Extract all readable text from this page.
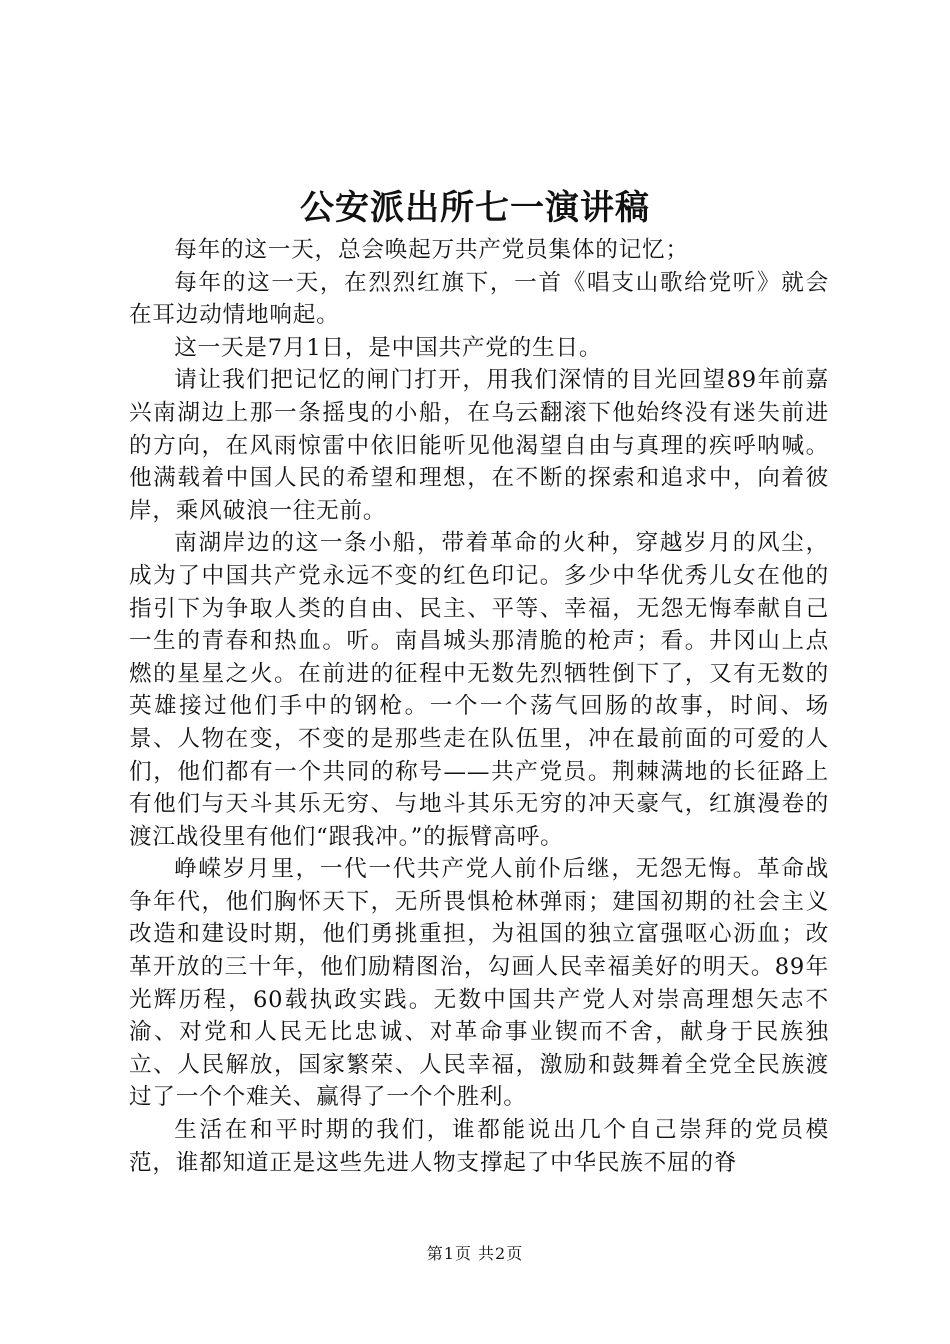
公安派出所七一演讲稿

每年的这一天，总会唤起万共产党员集体的记忆；

每年的这一天，在烈烈红旗下，一首《唱支山歌给党听》就会在耳边动情地响起。

这一天是7月1日，是中国共产党的生日。

请让我们把记忆的闸门打开，用我们深情的目光回望89年前嘉兴南湖边上那一条摇曳的小船，在乌云翻滚下他始终没有迷失前进的方向，在风雨惊雷中依旧能听见他渴望自由与真理的疾呼呐喊。他满载着中国人民的希望和理想，在不断的探索和追求中，向着彼岸，乘风破浪一往无前。

南湖岸边的这一条小船，带着革命的火种，穿越岁月的风尘，成为了中国共产党永远不变的红色印记。多少中华优秀儿女在他的指引下为争取人类的自由、民主、平等、幸福，无怨无悔奉献自己一生的青春和热血。听。南昌城头那清脆的枪声；看。井冈山上点燃的星星之火。在前进的征程中无数先烈牺牲倒下了，又有无数的英雄接过他们手中的钢枪。一个一个荡气回肠的故事，时间、场景、人物在变，不变的是那些走在队伍里，冲在最前面的可爱的人们，他们都有一个共同的称号——共产党员。荆棘满地的长征路上有他们与天斗其乐无穷、与地斗其乐无穷的冲天豪气，红旗漫卷的渡江战役里有他们“跟我冲。”的振臂高呼。

峥嵘岁月里，一代一代共产党人前仆后继，无怨无悔。革命战争年代，他们胸怀天下，无所畏惧枪林弹雨；建国初期的社会主义改造和建设时期，他们勇挑重担，为祖国的独立富强呕心沥血；改革开放的三十年，他们励精图治，勾画人民幸福美好的明天。89年光辉历程，60载执政实践。无数中国共产党人对崇高理想矢志不渝、对党和人民无比忠诚、对革命事业锲而不舍，献身于民族独立、人民解放，国家繁荣、人民幸福，激励和鼓舞着全党全民族渡过了一个个难关、赢得了一个个胜利。

生活在和平时期的我们，谁都能说出几个自己崇拜的党员模范，谁都知道正是这些先进人物支撑起了中华民族不屈的脊

第1页 共2页
